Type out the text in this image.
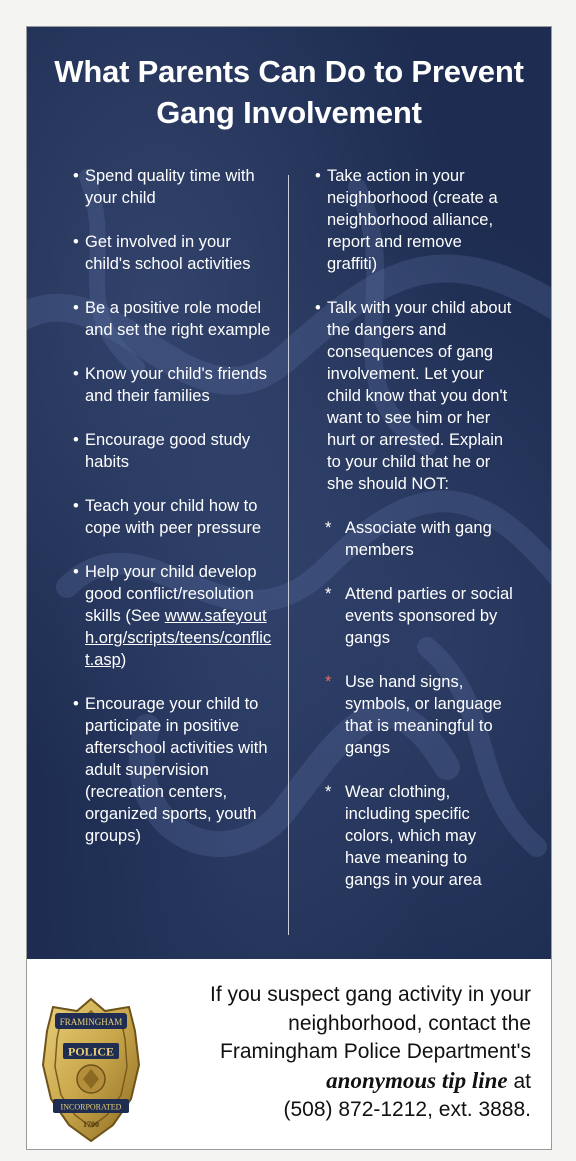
What Parents Can Do to Prevent
Gang Involvement
• Spend quality time with your child
• Get involved in your child's school activities
• Be a positive role model and set the right example
• Know your child's friends and their families
• Encourage good study habits
• Teach your child how to cope with peer pressure
• Help your child develop good conflict/resolution skills (See www.safeyouth.org/scripts/teens/conflict.asp)
• Encourage your child to participate in positive afterschool activities with adult supervision (recreation centers, organized sports, youth groups)
• Take action in your neighborhood (create a neighborhood alliance, report and remove graffiti)
• Talk with your child about the dangers and consequences of gang involvement. Let your child know that you don't want to see him or her hurt or arrested. Explain to your child that he or she should NOT:
* Associate with gang members
* Attend parties or social events sponsored by gangs
* Use hand signs, symbols, or language that is meaningful to gangs
* Wear clothing, including specific colors, which may have meaning to gangs in your area
FRAMINGHAM
POLICE
INCORPORATED
1700
If you suspect gang activity in your
neighborhood, contact the
Framingham Police Department's
anonymous tip line at
(508) 872-1212, ext. 3888.
